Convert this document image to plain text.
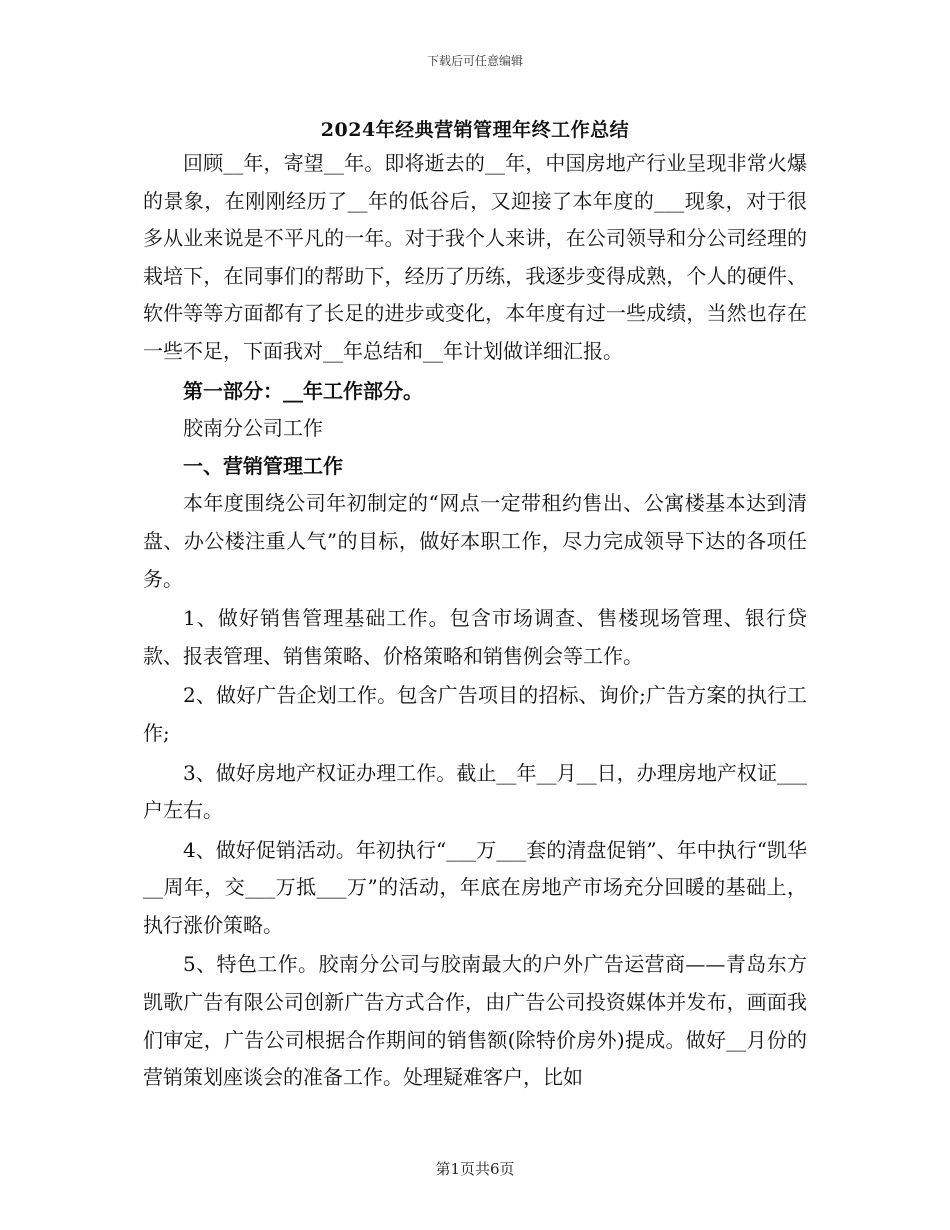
下载后可任意编辑
2024年经典营销管理年终工作总结

回顾__年，寄望__年。即将逝去的__年，中国房地产行业呈现非常火爆的景象，在刚刚经历了__年的低谷后，又迎接了本年度的___现象，对于很多从业来说是不平凡的一年。对于我个人来讲，在公司领导和分公司经理的栽培下，在同事们的帮助下，经历了历练，我逐步变得成熟，个人的硬件、软件等等方面都有了长足的进步或变化，本年度有过一些成绩，当然也存在一些不足，下面我对__年总结和__年计划做详细汇报。

第一部分：__年工作部分。

胶南分公司工作

一、营销管理工作

本年度围绕公司年初制定的“网点一定带租约售出、公寓楼基本达到清盘、办公楼注重人气”的目标，做好本职工作，尽力完成领导下达的各项任务。

1、做好销售管理基础工作。包含市场调查、售楼现场管理、银行贷款、报表管理、销售策略、价格策略和销售例会等工作。

2、做好广告企划工作。包含广告项目的招标、询价;广告方案的执行工作;

3、做好房地产权证办理工作。截止__年__月__日，办理房地产权证___户左右。

4、做好促销活动。年初执行“___万___套的清盘促销”、年中执行“凯华__周年，交___万抵___万”的活动，年底在房地产市场充分回暖的基础上，执行涨价策略。

5、特色工作。胶南分公司与胶南最大的户外广告运营商——青岛东方凯歌广告有限公司创新广告方式合作，由广告公司投资媒体并发布，画面我们审定，广告公司根据合作期间的销售额(除特价房外)提成。做好__月份的营销策划座谈会的准备工作。处理疑难客户，比如

第1页共6页
